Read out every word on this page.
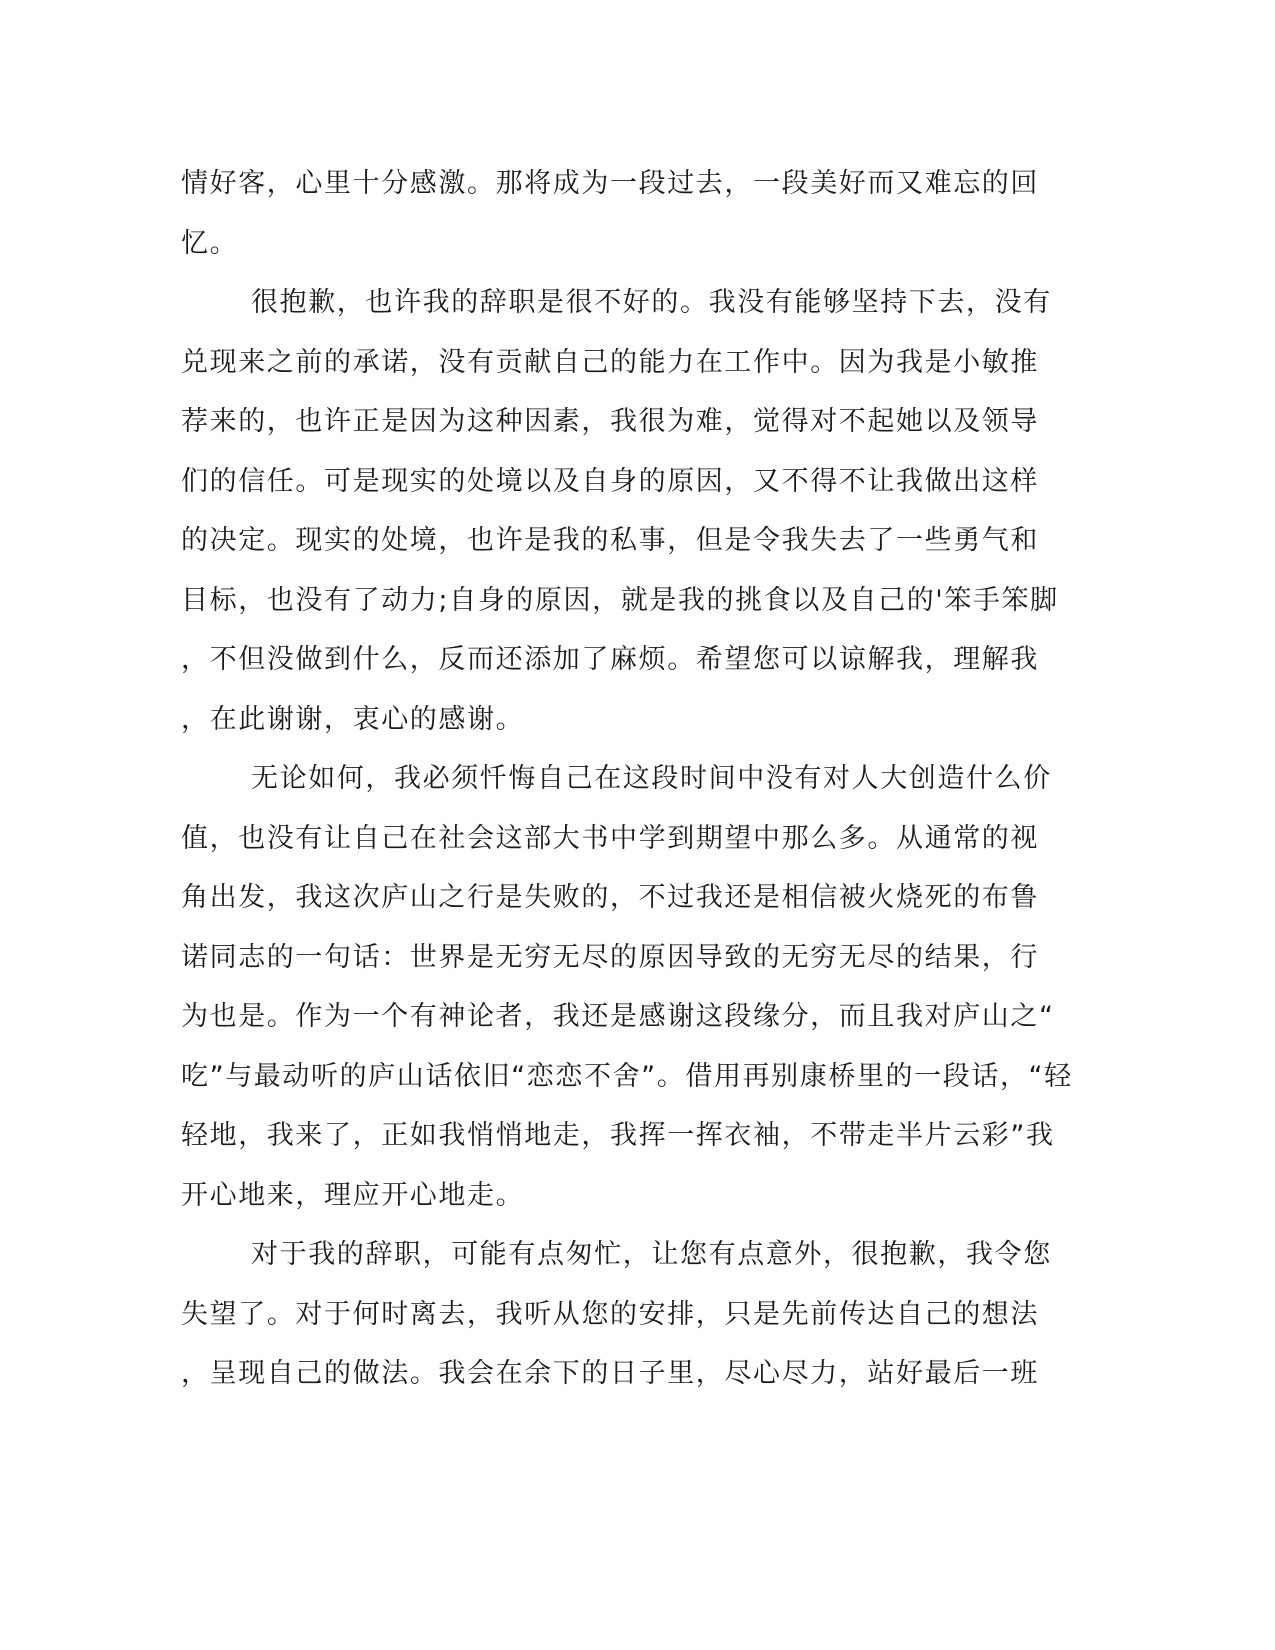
情好客，心里十分感激。那将成为一段过去，一段美好而又难忘的回
忆。
很抱歉，也许我的辞职是很不好的。我没有能够坚持下去，没有
兑现来之前的承诺，没有贡献自己的能力在工作中。因为我是小敏推
荐来的，也许正是因为这种因素，我很为难，觉得对不起她以及领导
们的信任。可是现实的处境以及自身的原因，又不得不让我做出这样
的决定。现实的处境，也许是我的私事，但是令我失去了一些勇气和
目标，也没有了动力;自身的原因，就是我的挑食以及自己的'笨手笨脚
，不但没做到什么，反而还添加了麻烦。希望您可以谅解我，理解我
，在此谢谢，衷心的感谢。
无论如何，我必须忏悔自己在这段时间中没有对人大创造什么价
值，也没有让自己在社会这部大书中学到期望中那么多。从通常的视
角出发，我这次庐山之行是失败的，不过我还是相信被火烧死的布鲁
诺同志的一句话：世界是无穷无尽的原因导致的无穷无尽的结果，行
为也是。作为一个有神论者，我还是感谢这段缘分，而且我对庐山之“
吃”与最动听的庐山话依旧“恋恋不舍”。借用再别康桥里的一段话，“轻
轻地，我来了，正如我悄悄地走，我挥一挥衣袖，不带走半片云彩”我
开心地来，理应开心地走。
对于我的辞职，可能有点匆忙，让您有点意外，很抱歉，我令您
失望了。对于何时离去，我听从您的安排，只是先前传达自己的想法
，呈现自己的做法。我会在余下的日子里，尽心尽力，站好最后一班
